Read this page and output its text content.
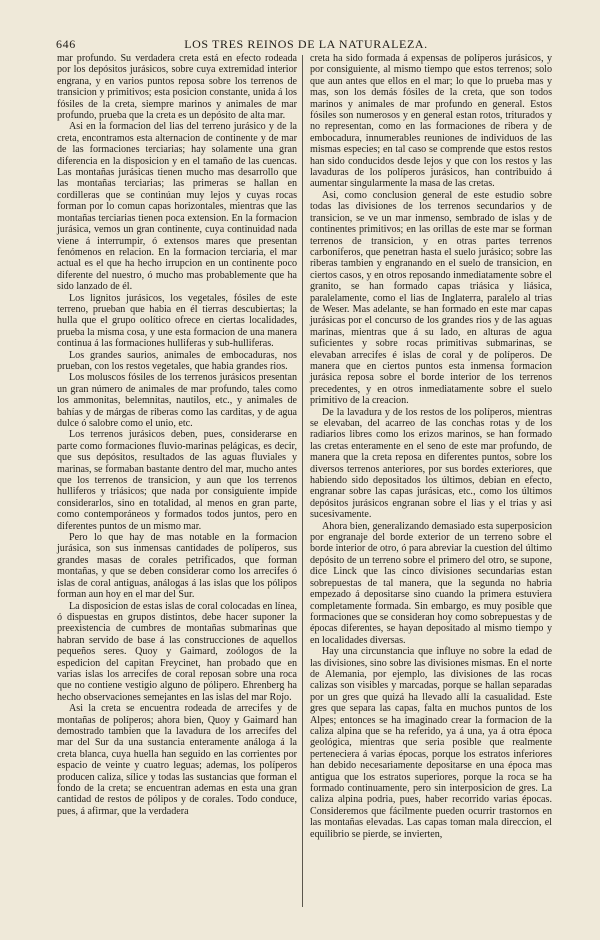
646	LOS TRES REINOS DE LA NATURALEZA.

mar profundo. Su verdadera creta está en efecto rodeada por los depósitos jurásicos, sobre cuya extremidad interior engrana, y en varios puntos reposa sobre los terrenos de transicion y primitivos; esta posicion constante, unida á los fósiles de la creta, siempre marinos y animales de mar profundo, prueba que la creta es un depósito de alta mar.

Asi en la formacion del lias del terreno jurásico y de la creta, encontramos esta alternacion de continente y de mar de las formaciones terciarias; hay solamente una gran diferencia en la disposicion y en el tamaño de las cuencas. Las montañas jurásicas tienen mucho mas desarrollo que las montañas terciarias; las primeras se hallan en cordilleras que se continúan muy lejos y cuyas rocas forman por lo comun capas horizontales, mientras que las montañas terciarias tienen poca extension. En la formacion jurásica, vemos un gran continente, cuya continuidad nada viene á interrumpir, ó extensos mares que presentan fenómenos en relacion. En la formacion terciaria, el mar actual es el que ha hecho irrupcion en un continente poco diferente del nuestro, ó mucho mas probablemente que ha sido lanzado de él.

Los lignitos jurásicos, los vegetales, fósiles de este terreno, prueban que habia en él tierras descubiertas; la hulla que el grupo oolítico ofrece en ciertas localidades, prueba la misma cosa, y une esta formacion de una manera continua á las formaciones hulliferas y sub-hulliferas.

Los grandes saurios, animales de embocaduras, nos prueban, con los restos vegetales, que habia grandes rios.

Los moluscos fósiles de los terrenos jurásicos presentan un gran número de animales de mar profundo, tales como los ammonitas, belemnitas, nautilos, etc., y animales de bahías y de márgas de riberas como las carditas, y de agua dulce ó salobre como el unio, etc.

Los terrenos jurásicos deben, pues, considerarse en parte como formaciones fluvio-marinas pelágicas, es decir, que sus depósitos, resultados de las aguas fluviales y marinas, se formaban bastante dentro del mar, mucho antes que los terrenos de transicion, y aun que los terrenos hulliferos y triásicos; que nada por consiguiente impide considerarlos, sino en totalidad, al menos en gran parte, como contemporáneos y formados todos juntos, pero en diferentes puntos de un mismo mar.

Pero lo que hay de mas notable en la formacion jurásica, son sus inmensas cantidades de políperos, sus grandes masas de corales petrificados, que forman montañas, y que se deben considerar como los arrecifes ó islas de coral antiguas, análogas á las islas que los pólipos forman aun hoy en el mar del Sur.

La disposicion de estas islas de coral colocadas en línea, ó dispuestas en grupos distintos, debe hacer suponer la preexistencia de cumbres de montañas submarinas que habran servido de base á las construcciones de aquellos pequeños seres. Quoy y Gaimard, zoólogos de la espedicion del capitan Freycinet, han probado que en varias islas los arrecifes de coral reposan sobre una roca que no contiene vestigio alguno de pólipero. Ehrenberg ha hecho observaciones semejantes en las islas del mar Rojo.

Asi la creta se encuentra rodeada de arrecifes y de montañas de políperos; ahora bien, Quoy y Gaimard han demostrado tambien que la lavadura de los arrecifes del mar del Sur da una sustancia enteramente análoga á la creta blanca, cuya huella han seguido en las corrientes por espacio de veinte y cuatro leguas; ademas, los políperos producen caliza, sílice y todas las sustancias que forman el fondo de la creta; se encuentran ademas en esta una gran cantidad de restos de pólipos y de corales. Todo conduce, pues, á afirmar, que la verdadera

creta ha sido formada á expensas de políperos jurásicos, y por consiguiente, al mismo tiempo que estos terrenos; solo que aun antes que ellos en el mar; lo que lo prueba mas y mas, son los demás fósiles de la creta, que son todos marinos y animales de mar profundo en general. Estos fósiles son numerosos y en general estan rotos, triturados y no representan, como en las formaciones de ribera y de embocadura, innumerables reuniones de individuos de las mismas especies; en tal caso se comprende que estos restos han sido conducidos desde lejos y que con los restos y las lavaduras de los políperos jurásicos, han contribuido á aumentar singularmente la masa de las cretas.

Asi, como conclusion general de este estudio sobre todas las divisiones de los terrenos secundarios y de transicion, se ve un mar inmenso, sembrado de islas y de continentes primitivos; en las orillas de este mar se forman terrenos de transicion, y en otras partes terrenos carboníferos, que penetran hasta el suelo jurásico; sobre las riberas tambien y engranando en el suelo de transicion, en ciertos casos, y en otros reposando inmediatamente sobre el granito, se han formado capas triásica y liásica, paralelamente, como el lias de Inglaterra, paralelo al trias de Weser. Mas adelante, se han formado en este mar capas jurásicas por el concurso de los grandes rios y de las aguas marinas, mientras que á su lado, en alturas de agua suficientes y sobre rocas primitivas submarinas, se elevaban arrecifes é islas de coral y de políperos. De manera que en ciertos puntos esta inmensa formacion jurásica reposa sobre el borde interior de los terrenos precedentes, y en otros inmediatamente sobre el suelo primitivo de la creacion.

De la lavadura y de los restos de los políperos, mientras se elevaban, del acarreo de las conchas rotas y de los radiarios libres como los erizos marinos, se han formado las cretas enteramente en el seno de este mar profundo, de manera que la creta reposa en diferentes puntos, sobre los diversos terrenos anteriores, por sus bordes exteriores, que habiendo sido depositados los últimos, debian en efecto, engranar sobre las capas jurásicas, etc., como los últimos depósitos jurásicos engranan sobre el lias y el trias y asi sucesivamente.

Ahora bien, generalizando demasiado esta superposicion por engranaje del borde exterior de un terreno sobre el borde interior de otro, ó para abreviar la cuestion del último depósito de un terreno sobre el primero del otro, se supone, dice Linck que las cinco divisiones secundarias estan sobrepuestas de tal manera, que la segunda no habria empezado á depositarse sino cuando la primera estuviera completamente formada. Sin embargo, es muy posible que formaciones que se consideran hoy como sobrepuestas y de épocas diferentes, se hayan depositado al mismo tiempo y en localidades diversas.

Hay una circunstancia que influye no sobre la edad de las divisiones, sino sobre las divisiones mismas. En el norte de Alemania, por ejemplo, las divisiones de las rocas calizas son visibles y marcadas, porque se hallan separadas por un gres que quizá ha llevado allí la casualidad. Este gres que separa las capas, falta en muchos puntos de los Alpes; entonces se ha imaginado crear la formacion de la caliza alpina que se ha referido, ya á una, ya á otra época geológica, mientras que seria posible que realmente perteneciera á varias épocas, porque los estratos inferiores han debido necesariamente depositarse en una época mas antigua que los estratos superiores, porque la roca se ha formado continuamente, pero sin interposicion de gres. La caliza alpina podria, pues, haber recorrido varias épocas. Consideremos que fácilmente pueden ocurrir trastornos en las montañas elevadas. Las capas toman mala direccion, el equilibrio se pierde, se invierten,
